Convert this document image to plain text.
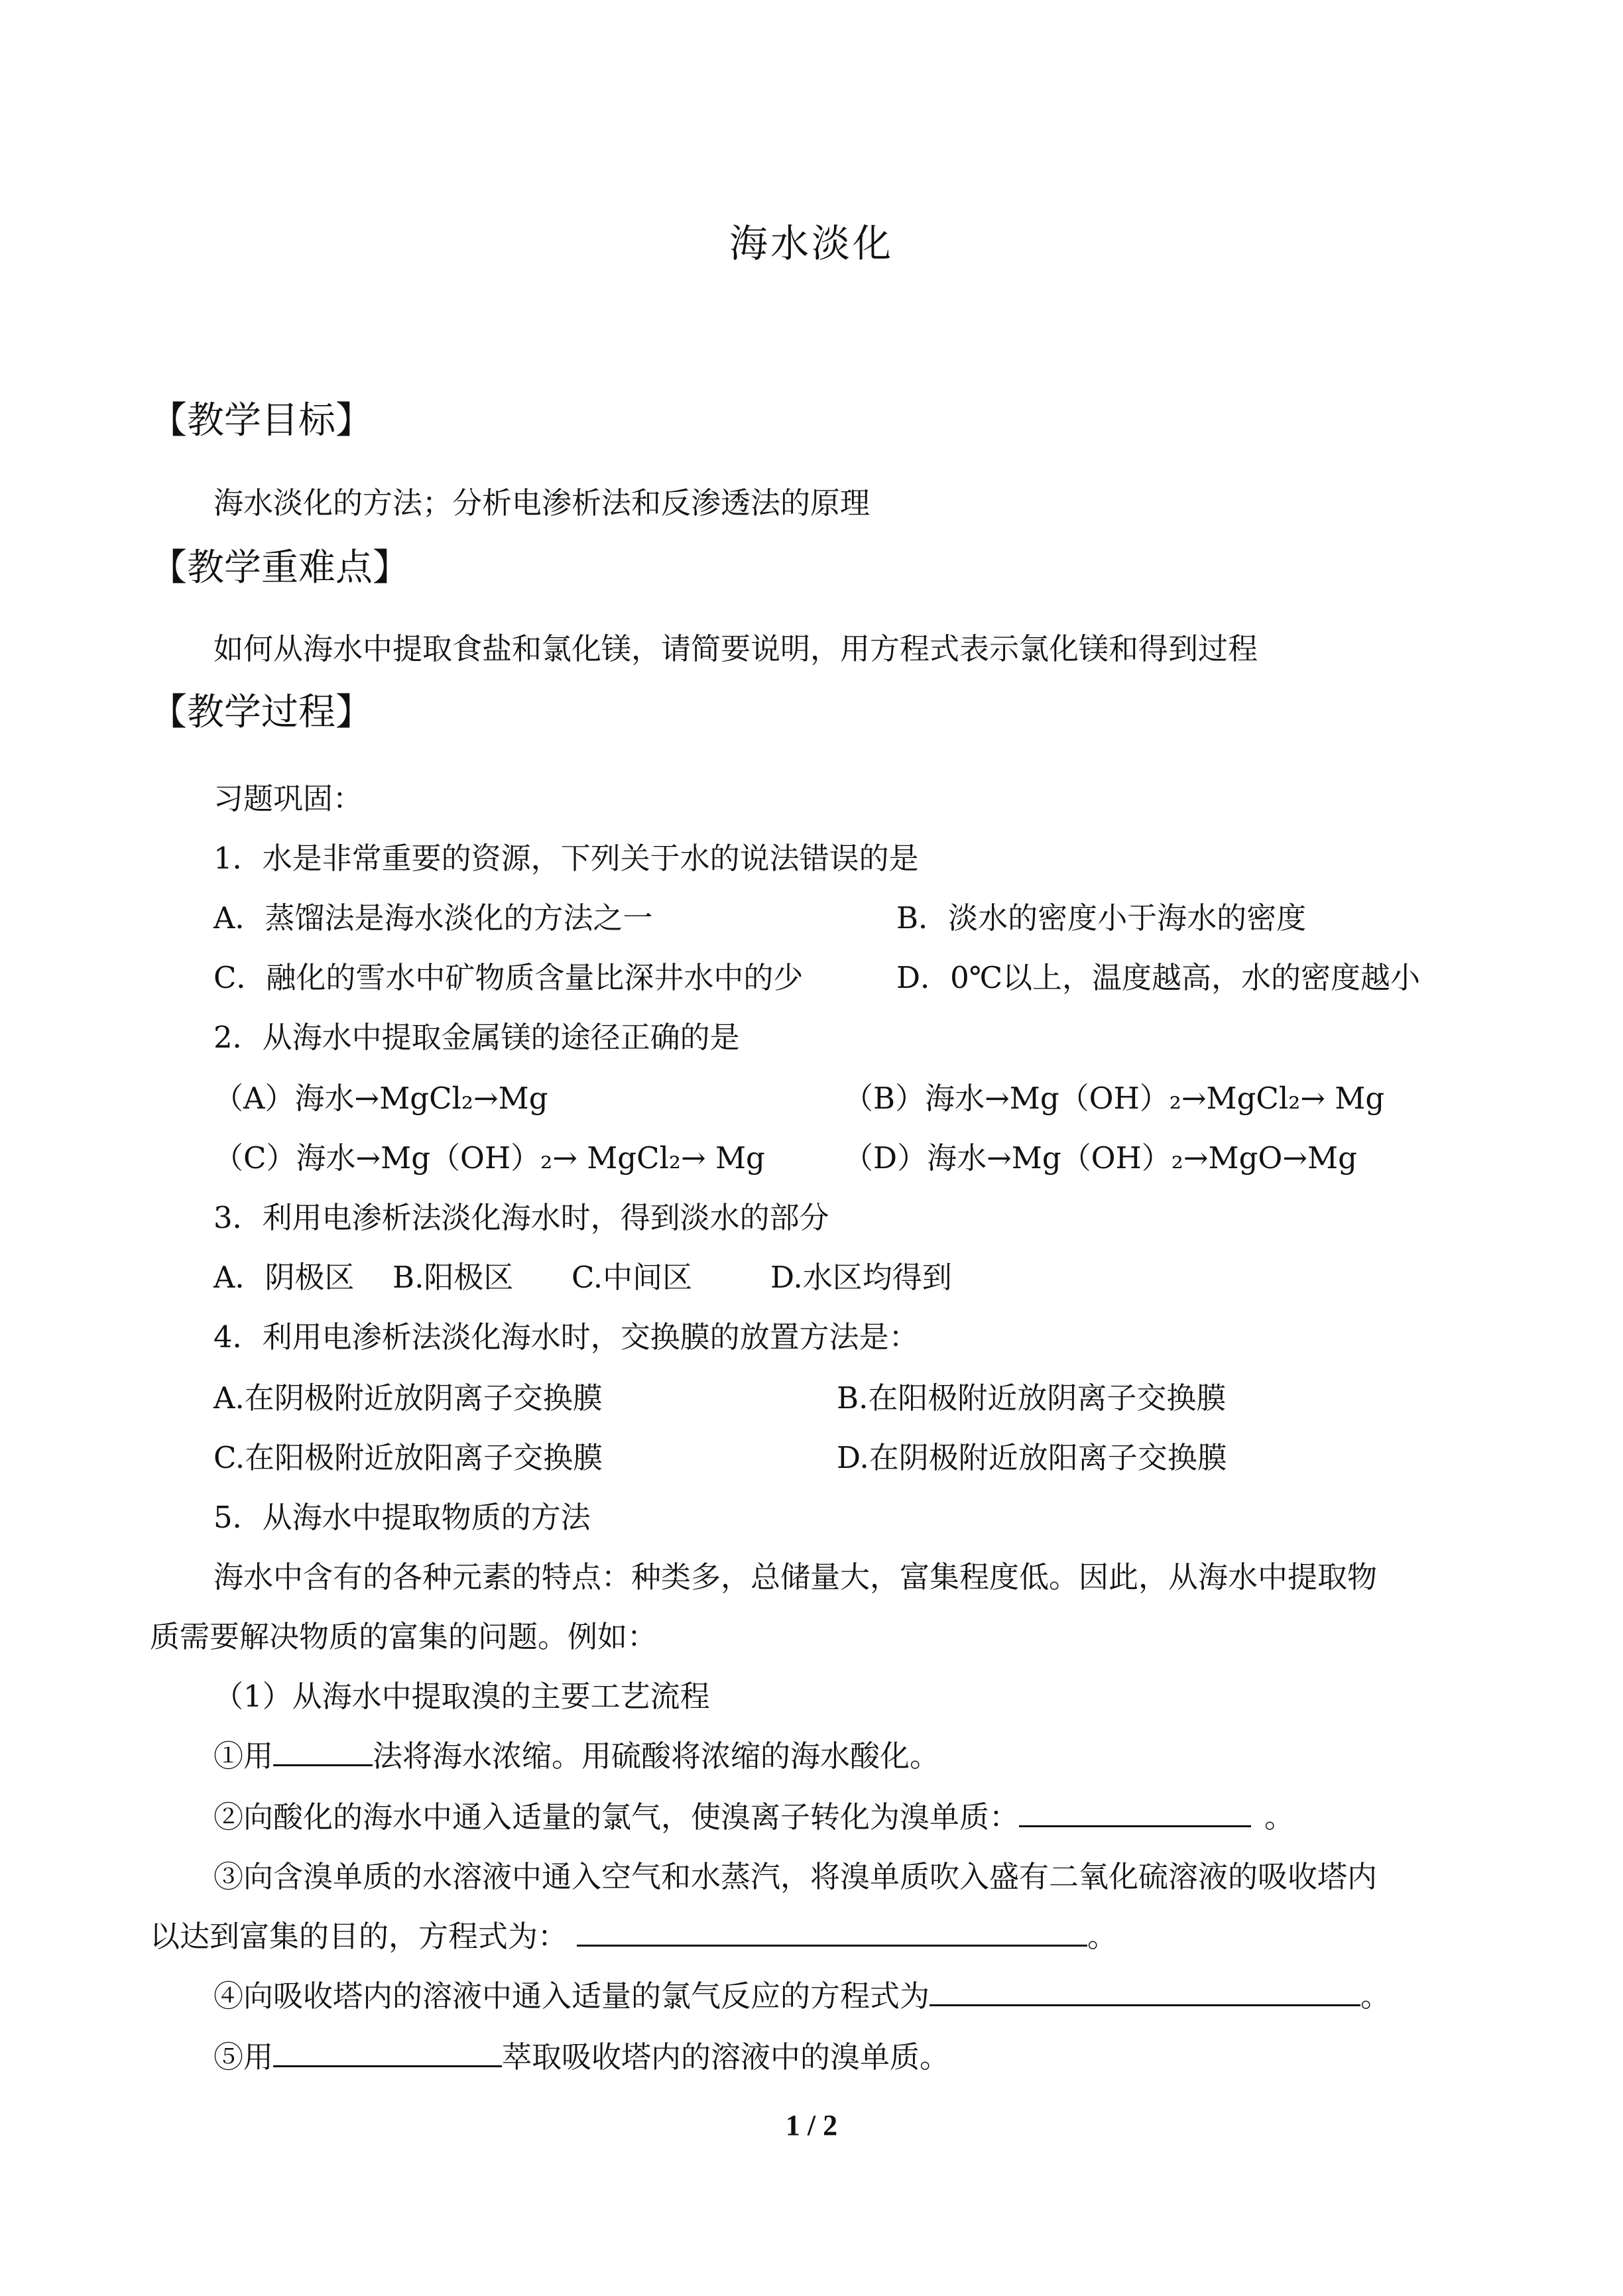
海水淡化
【教学目标】
海水淡化的方法；分析电渗析法和反渗透法的原理
【教学重难点】
如何从海水中提取食盐和氯化镁，请简要说明，用方程式表示氯化镁和得到过程
【教学过程】
习题巩固：
1．水是非常重要的资源，下列关于水的说法错误的是
A．蒸馏法是海水淡化的方法之一	B．淡水的密度小于海水的密度
C．融化的雪水中矿物质含量比深井水中的少	D．0℃以上，温度越高，水的密度越小
2．从海水中提取金属镁的途径正确的是
（A）海水→MgCl₂→Mg	（B）海水→Mg（OH）₂→MgCl₂→ Mg
（C）海水→Mg（OH）₂→ MgCl₂→ Mg	（D）海水→Mg（OH）₂→MgO→Mg
3．利用电渗析法淡化海水时，得到淡水的部分
A．阴极区 B.阳极区 C.中间区	D.水区均得到
4．利用电渗析法淡化海水时，交换膜的放置方法是：
A.在阴极附近放阴离子交换膜	B.在阳极附近放阴离子交换膜
C.在阳极附近放阳离子交换膜	D.在阴极附近放阳离子交换膜
5．从海水中提取物质的方法
海水中含有的各种元素的特点：种类多，总储量大，富集程度低。因此，从海水中提取物
质需要解决物质的富集的问题。例如：
（1）从海水中提取溴的主要工艺流程
①用	法将海水浓缩。用硫酸将浓缩的海水酸化。
②向酸化的海水中通入适量的氯气，使溴离子转化为溴单质：	。
③向含溴单质的水溶液中通入空气和水蒸汽，将溴单质吹入盛有二氧化硫溶液的吸收塔内
以达到富集的目的，方程式为：	。
④向吸收塔内的溶液中通入适量的氯气反应的方程式为	。
⑤用	萃取吸收塔内的溶液中的溴单质。
1 / 2
